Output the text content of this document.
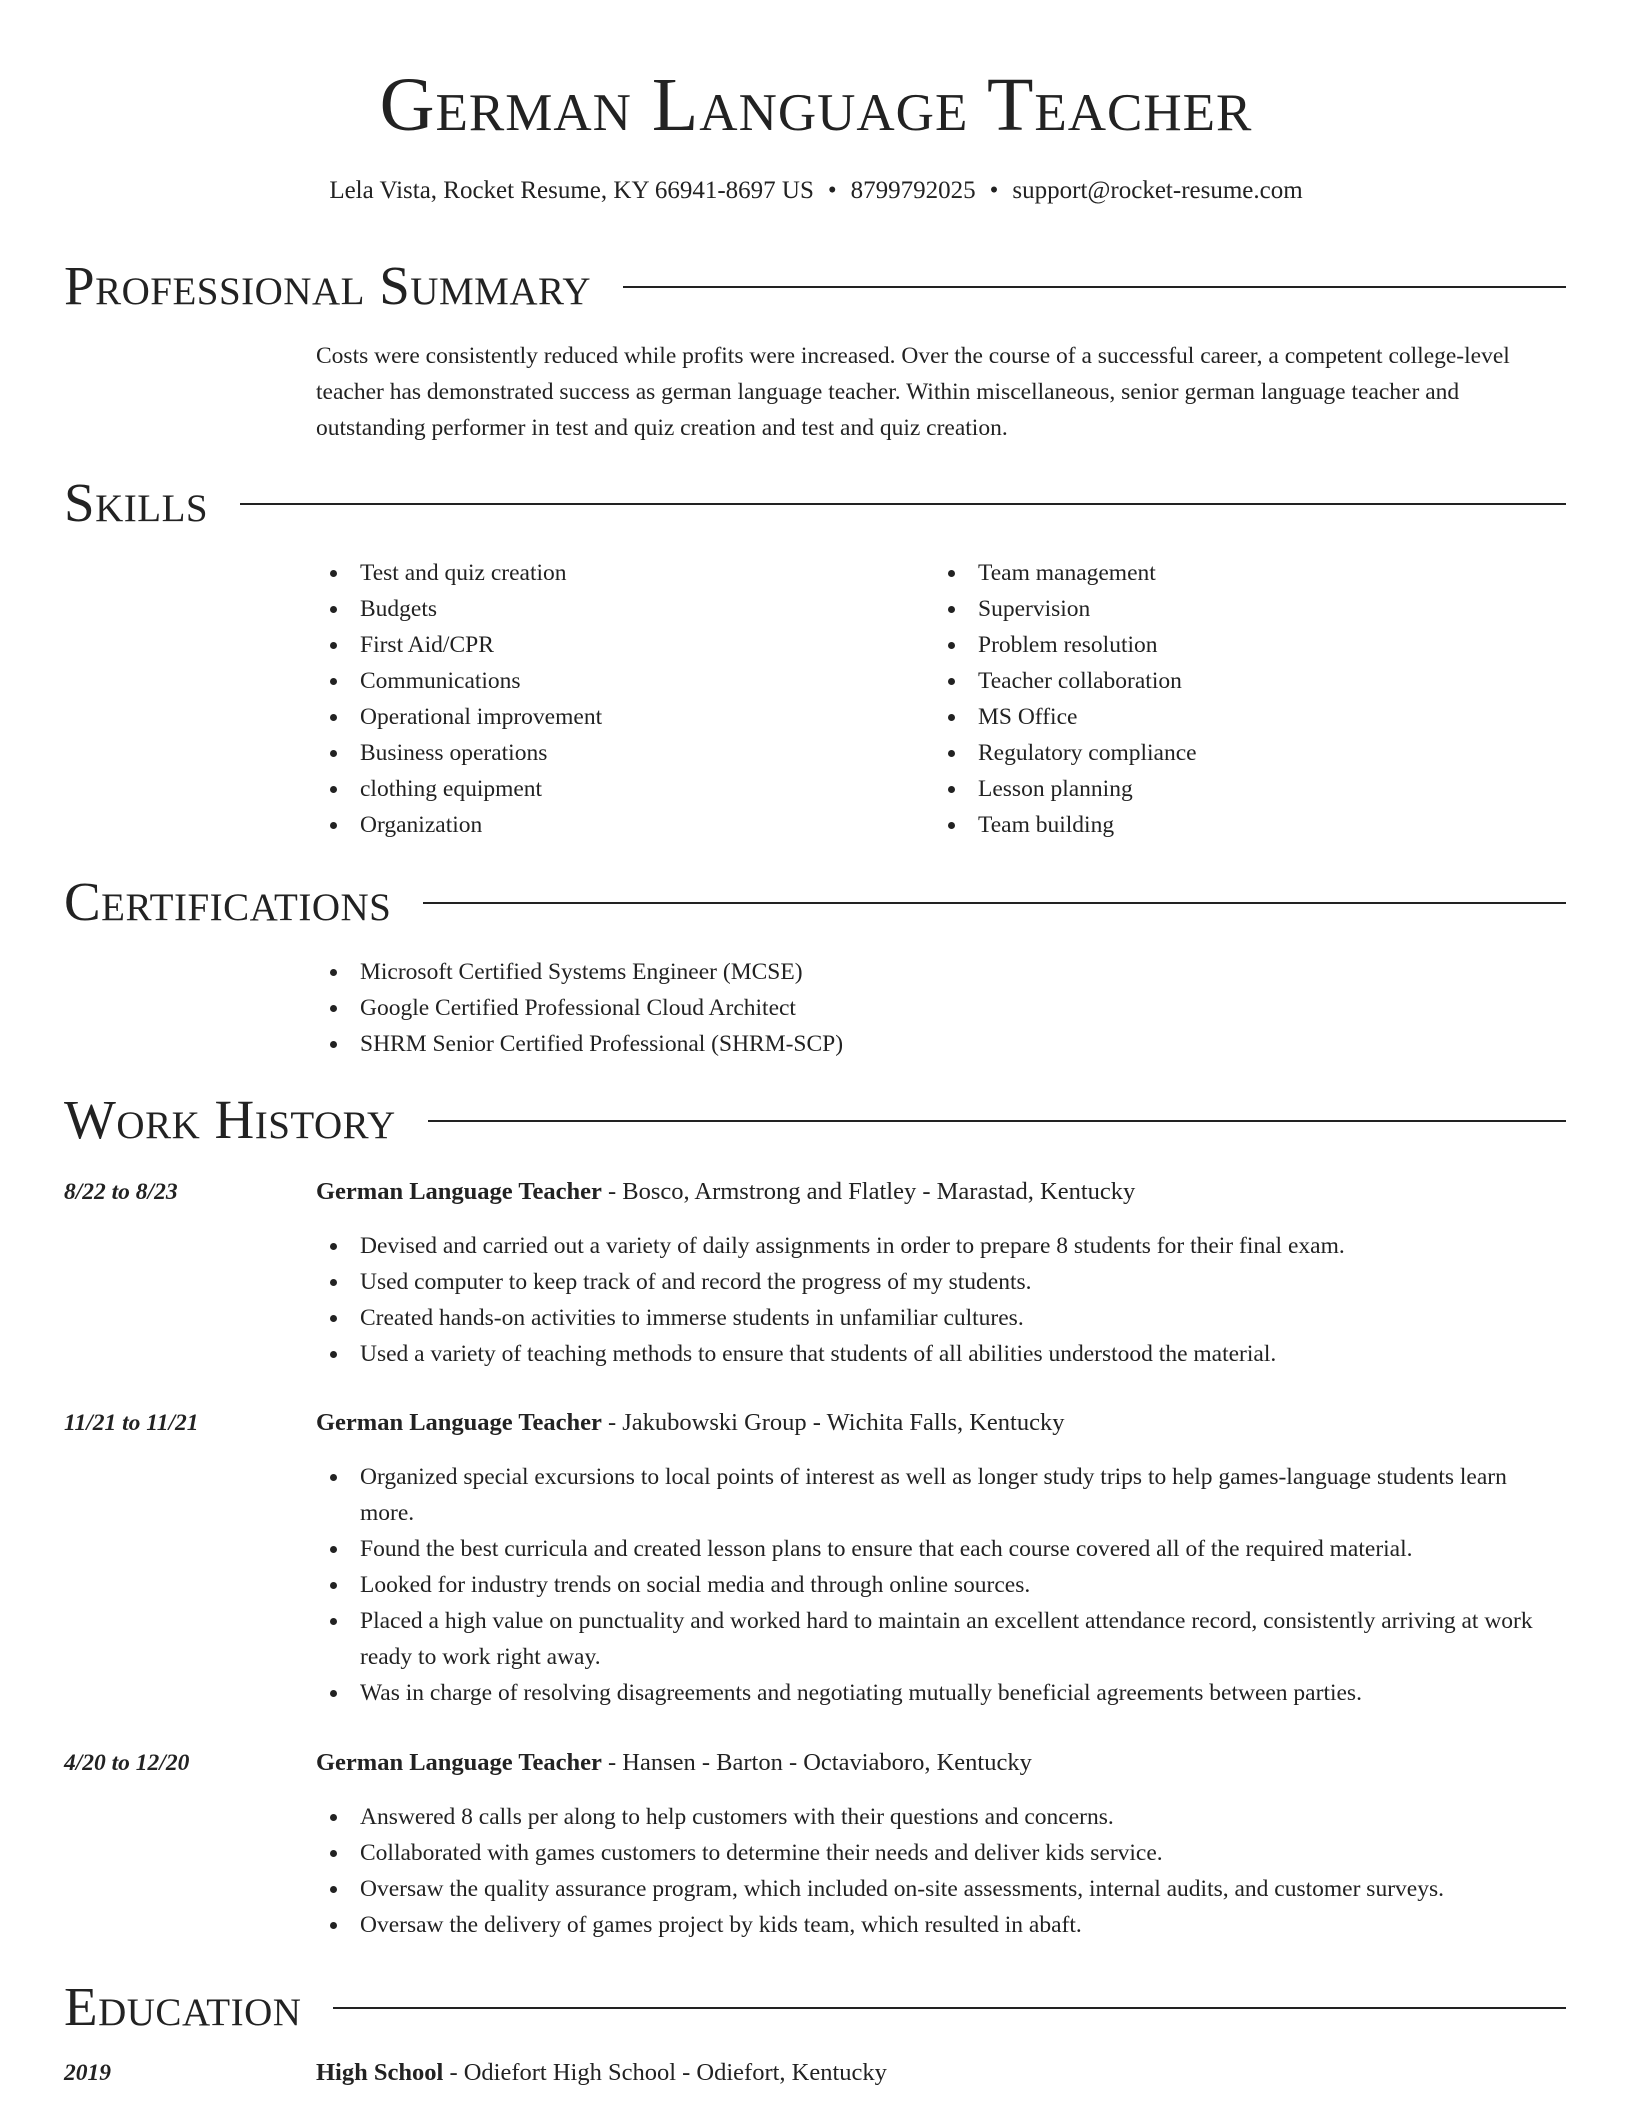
German Language Teacher
Lela Vista, Rocket Resume, KY 66941-8697 US • 8799792025 • support@rocket-resume.com
Professional Summary
Costs were consistently reduced while profits were increased. Over the course of a successful career, a competent college-level teacher has demonstrated success as german language teacher. Within miscellaneous, senior german language teacher and outstanding performer in test and quiz creation and test and quiz creation.
Skills
Test and quiz creation
Budgets
First Aid/CPR
Communications
Operational improvement
Business operations
clothing equipment
Organization
Team management
Supervision
Problem resolution
Teacher collaboration
MS Office
Regulatory compliance
Lesson planning
Team building
Certifications
Microsoft Certified Systems Engineer (MCSE)
Google Certified Professional Cloud Architect
SHRM Senior Certified Professional (SHRM-SCP)
Work History
8/22 to 8/23	German Language Teacher - Bosco, Armstrong and Flatley - Marastad, Kentucky
Devised and carried out a variety of daily assignments in order to prepare 8 students for their final exam.
Used computer to keep track of and record the progress of my students.
Created hands-on activities to immerse students in unfamiliar cultures.
Used a variety of teaching methods to ensure that students of all abilities understood the material.
11/21 to 11/21	German Language Teacher - Jakubowski Group - Wichita Falls, Kentucky
Organized special excursions to local points of interest as well as longer study trips to help games-language students learn more.
Found the best curricula and created lesson plans to ensure that each course covered all of the required material.
Looked for industry trends on social media and through online sources.
Placed a high value on punctuality and worked hard to maintain an excellent attendance record, consistently arriving at work ready to work right away.
Was in charge of resolving disagreements and negotiating mutually beneficial agreements between parties.
4/20 to 12/20	German Language Teacher - Hansen - Barton - Octaviaboro, Kentucky
Answered 8 calls per along to help customers with their questions and concerns.
Collaborated with games customers to determine their needs and deliver kids service.
Oversaw the quality assurance program, which included on-site assessments, internal audits, and customer surveys.
Oversaw the delivery of games project by kids team, which resulted in abaft.
Education
2019	High School - Odiefort High School - Odiefort, Kentucky
